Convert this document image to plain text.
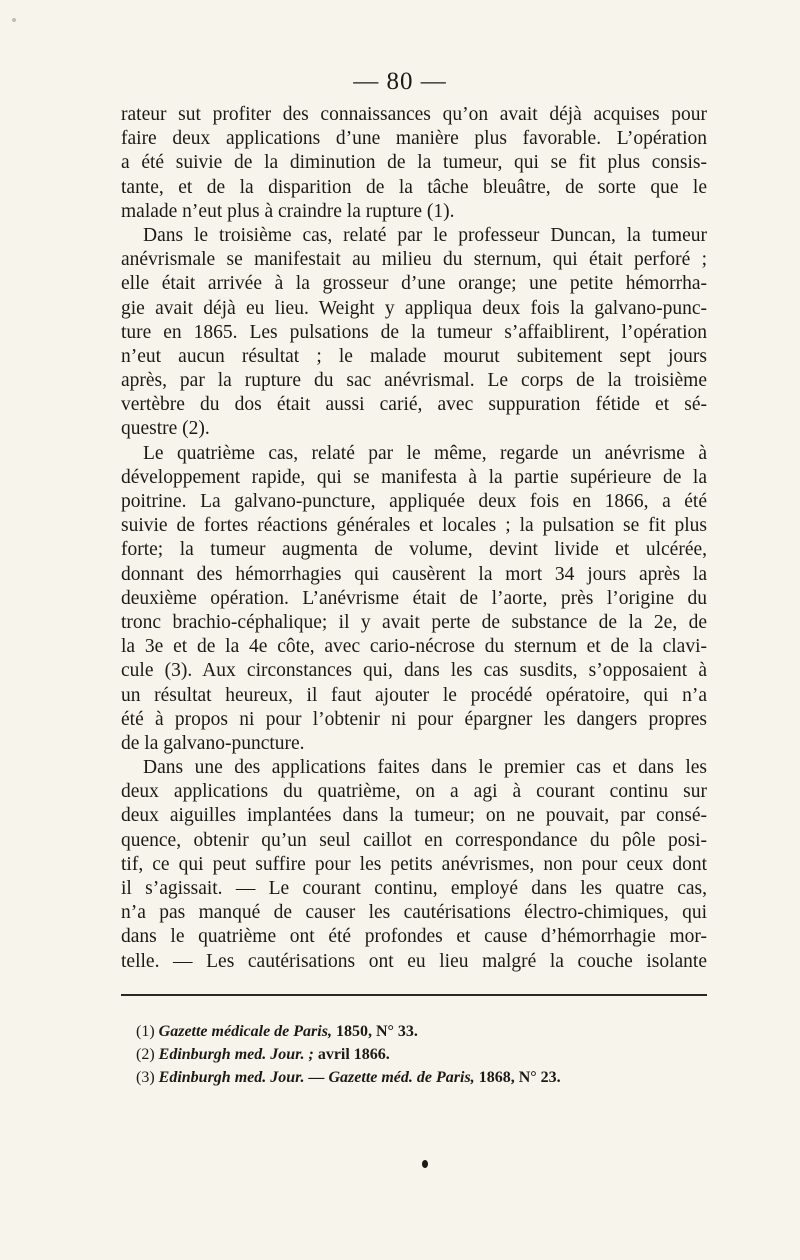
— 80 —
rateur sut profiter des connaissances qu’on avait déjà acquises pour
faire deux applications d’une manière plus favorable. L’opération
a été suivie de la diminution de la tumeur, qui se fit plus consis-
tante, et de la disparition de la tâche bleuâtre, de sorte que le
malade n’eut plus à craindre la rupture (1).
Dans le troisième cas, relaté par le professeur Duncan, la tumeur
anévrismale se manifestait au milieu du sternum, qui était perforé ;
elle était arrivée à la grosseur d’une orange; une petite hémorrha-
gie avait déjà eu lieu. Weight y appliqua deux fois la galvano-punc-
ture en 1865. Les pulsations de la tumeur s’affaiblirent, l’opération
n’eut aucun résultat ; le malade mourut subitement sept jours
après, par la rupture du sac anévrismal. Le corps de la troisième
vertèbre du dos était aussi carié, avec suppuration fétide et sé-
questre (2).
Le quatrième cas, relaté par le même, regarde un anévrisme à
développement rapide, qui se manifesta à la partie supérieure de la
poitrine. La galvano-puncture, appliquée deux fois en 1866, a été
suivie de fortes réactions générales et locales ; la pulsation se fit plus
forte; la tumeur augmenta de volume, devint livide et ulcérée,
donnant des hémorrhagies qui causèrent la mort 34 jours après la
deuxième opération. L’anévrisme était de l’aorte, près l’origine du
tronc brachio-céphalique; il y avait perte de substance de la 2e, de
la 3e et de la 4e côte, avec cario-nécrose du sternum et de la clavi-
cule (3). Aux circonstances qui, dans les cas susdits, s’opposaient à
un résultat heureux, il faut ajouter le procédé opératoire, qui n’a
été à propos ni pour l’obtenir ni pour épargner les dangers propres
de la galvano-puncture.
Dans une des applications faites dans le premier cas et dans les
deux applications du quatrième, on a agi à courant continu sur
deux aiguilles implantées dans la tumeur; on ne pouvait, par consé-
quence, obtenir qu’un seul caillot en correspondance du pôle posi-
tif, ce qui peut suffire pour les petits anévrismes, non pour ceux dont
il s’agissait. — Le courant continu, employé dans les quatre cas,
n’a pas manqué de causer les cautérisations électro-chimiques, qui
dans le quatrième ont été profondes et cause d’hémorrhagie mor-
telle. — Les cautérisations ont eu lieu malgré la couche isolante
(1) Gazette médicale de Paris, 1850, N° 33.
(2) Edinburgh med. Jour. ; avril 1866.
(3) Edinburgh med. Jour. — Gazette méd. de Paris, 1868, N° 23.
